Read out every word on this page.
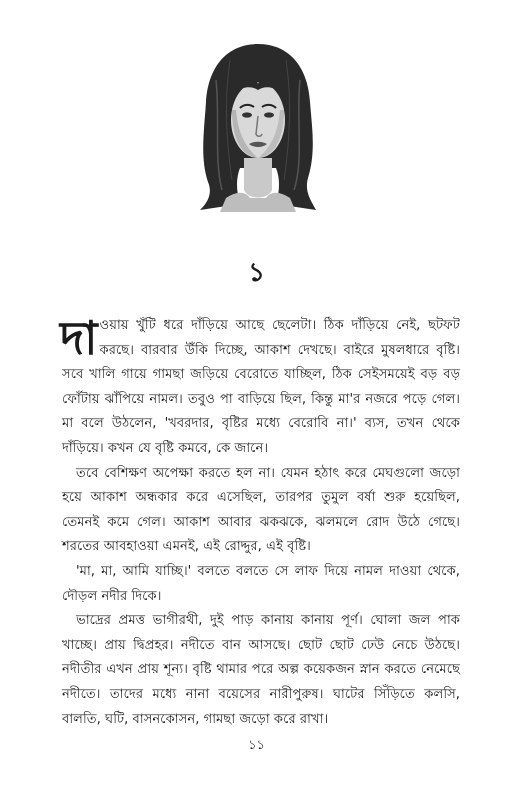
১

দাওয়ায় খুঁটি ধরে দাঁড়িয়ে আছে ছেলেটা। ঠিক দাঁড়িয়ে নেই, ছটফট করছে। বারবার উঁকি দিচ্ছে, আকাশ দেখছে। বাইরে মুষলধারে বৃষ্টি। সবে খালি গায়ে গামছা জড়িয়ে বেরোতে যাচ্ছিল, ঠিক সেইসময়েই বড় বড় ফোঁটায় ঝাঁপিয়ে নামল। তবুও পা বাড়িয়ে ছিল, কিন্তু মা'র নজরে পড়ে গেল। মা বলে উঠলেন, 'খবরদার, বৃষ্টির মধ্যে বেরোবি না।' ব্যস, তখন থেকে দাঁড়িয়ে। কখন যে বৃষ্টি কমবে, কে জানে।

তবে বেশিক্ষণ অপেক্ষা করতে হল না। যেমন হঠাৎ করে মেঘগুলো জড়ো হয়ে আকাশ অন্ধকার করে এসেছিল, তারপর তুমুল বর্ষা শুরু হয়েছিল, তেমনই কমে গেল। আকাশ আবার ঝকঝকে, ঝলমলে রোদ উঠে গেছে। শরতের আবহাওয়া এমনই, এই রোদ্দুর, এই বৃষ্টি।

'মা, মা, আমি যাচ্ছি।' বলতে বলতে সে লাফ দিয়ে নামল দাওয়া থেকে, দৌড়ল নদীর দিকে।

ভাদ্রের প্রমত্ত ভাগীরথী, দুই পাড় কানায় কানায় পূর্ণ। ঘোলা জল পাক খাচ্ছে। প্রায় দ্বিপ্রহর। নদীতে বান আসছে। ছোট ছোট ঢেউ নেচে উঠছে। নদীতীর এখন প্রায় শূন্য। বৃষ্টি থামার পরে অল্প কয়েকজন স্নান করতে নেমেছে নদীতে। তাদের মধ্যে নানা বয়েসের নারীপুরুষ। ঘাটের সিঁড়িতে কলসি, বালতি, ঘটি, বাসনকোসন, গামছা জড়ো করে রাখা।

১১
